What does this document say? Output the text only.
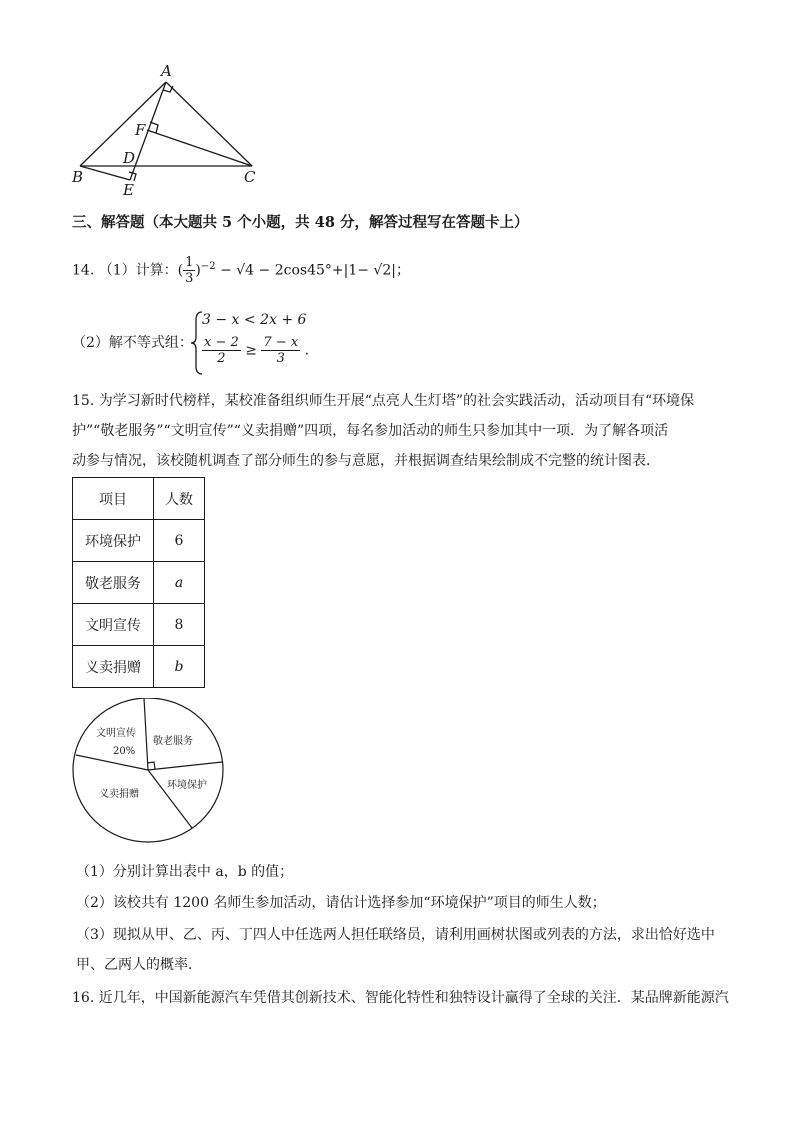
A
F
D
B
E
C
三、解答题（本大题共 5 个小题，共 48 分，解答过程写在答题卡上）
14. （1）计算：( $\frac{1}{3} )^{-2} - √4 - 2\cos 45^\circ+|1- √2|$；
（2）解不等式组：
3 − x < 2x + 6
$\frac{x - 2}{2} \ge \frac{7 - x}{3}$ ．
15. 为学习新时代榜样，某校准备组织师生开展“点亮人生灯塔”的社会实践活动，活动项目有“环境保
护”“敬老服务”“文明宣传”“义卖捐赠”四项，每名参加活动的师生只参加其中一项．为了解各项活
动参与情况，该校随机调查了部分师生的参与意愿，并根据调查结果绘制成不完整的统计图表．
项目	人数
环境保护	6
敬老服务	a
文明宣传	8
义卖捐赠	b
文明宣传
20%
敬老服务
环境保护
义卖捐赠
（1）分别计算出表中 a，b 的值；
（2）该校共有 1200 名师生参加活动，请估计选择参加“环境保护”项目的师生人数；
（3）现拟从甲、乙、丙、丁四人中任选两人担任联络员，请利用画树状图或列表的方法，求出恰好选中
甲、乙两人的概率．
16. 近几年，中国新能源汽车凭借其创新技术、智能化特性和独特设计赢得了全球的关注．某品牌新能源汽
